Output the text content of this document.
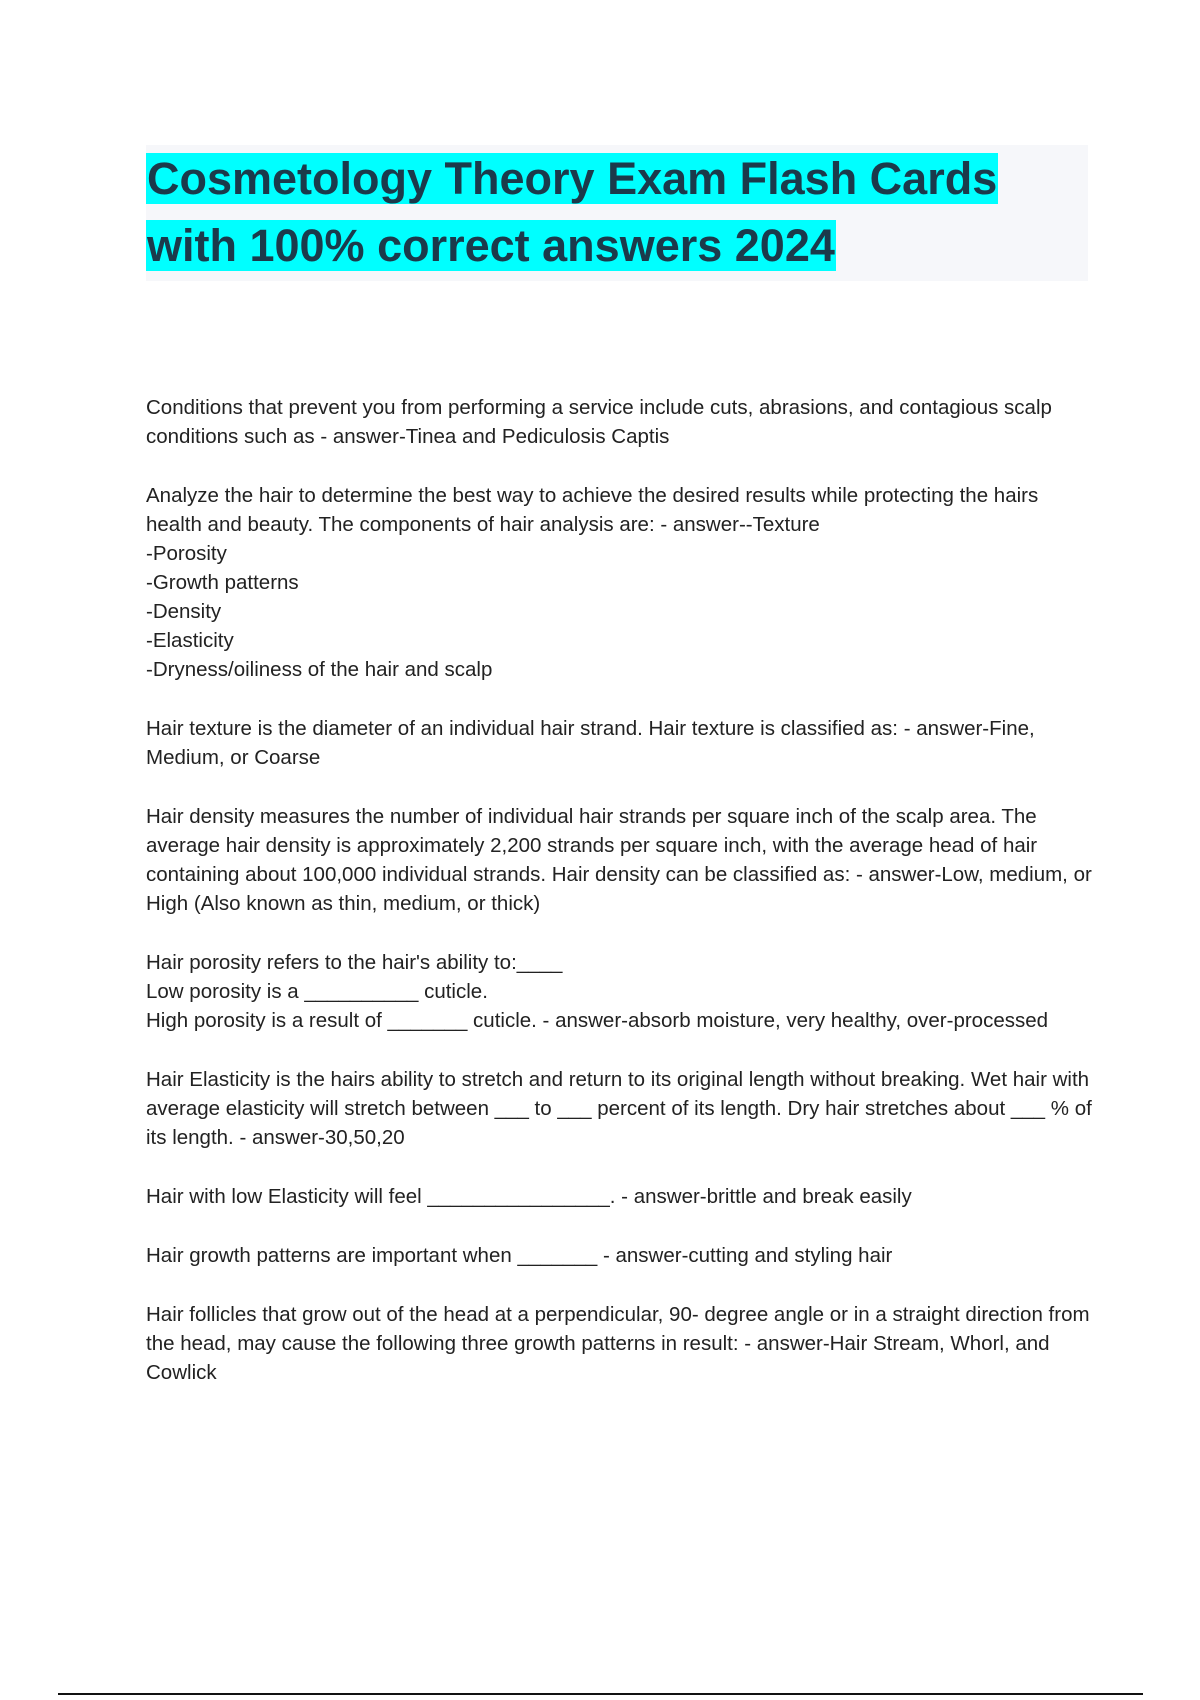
Cosmetology Theory Exam Flash Cards with 100% correct answers 2024

Conditions that prevent you from performing a service include cuts, abrasions, and contagious scalp conditions such as - answer-Tinea and Pediculosis Captis

Analyze the hair to determine the best way to achieve the desired results while protecting the hairs health and beauty. The components of hair analysis are: - answer--Texture
-Porosity
-Growth patterns
-Density
-Elasticity
-Dryness/oiliness of the hair and scalp

Hair texture is the diameter of an individual hair strand. Hair texture is classified as: - answer-Fine, Medium, or Coarse

Hair density measures the number of individual hair strands per square inch of the scalp area. The average hair density is approximately 2,200 strands per square inch, with the average head of hair containing about 100,000 individual strands. Hair density can be classified as: - answer-Low, medium, or High (Also known as thin, medium, or thick)

Hair porosity refers to the hair's ability to:____
Low porosity is a __________ cuticle.
High porosity is a result of _______ cuticle. - answer-absorb moisture, very healthy, over-processed

Hair Elasticity is the hairs ability to stretch and return to its original length without breaking. Wet hair with average elasticity will stretch between ___ to ___ percent of its length. Dry hair stretches about ___ % of its length. - answer-30,50,20

Hair with low Elasticity will feel ________________. - answer-brittle and break easily

Hair growth patterns are important when _______ - answer-cutting and styling hair

Hair follicles that grow out of the head at a perpendicular, 90- degree angle or in a straight direction from the head, may cause the following three growth patterns in result: - answer-Hair Stream, Whorl, and Cowlick
